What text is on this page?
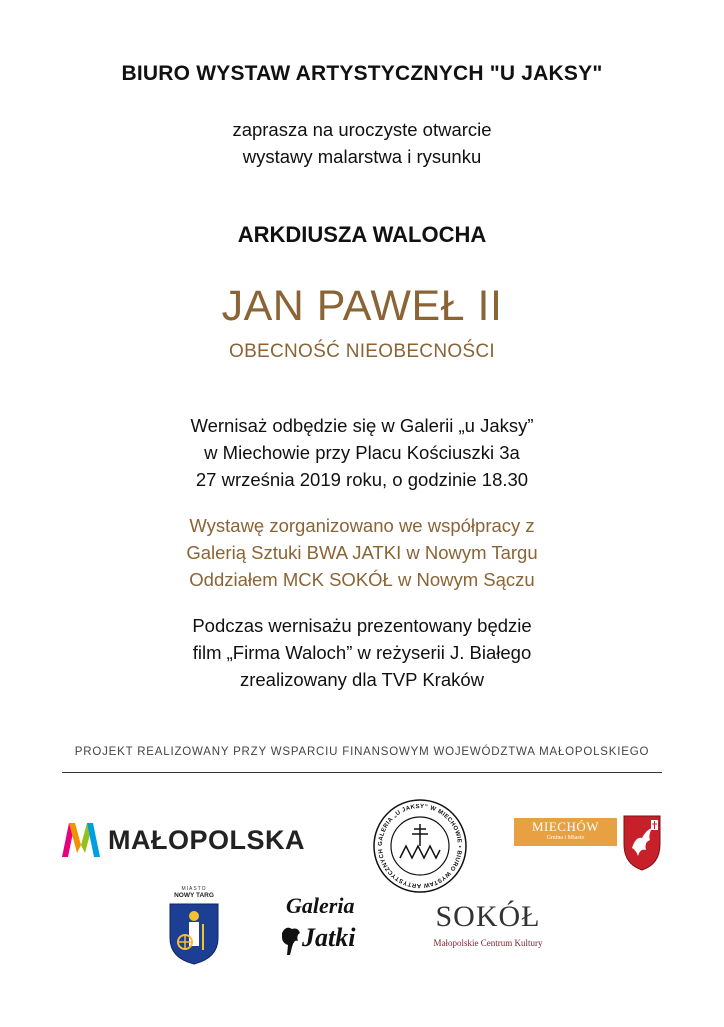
BIURO WYSTAW ARTYSTYCZNYCH "U JAKSY"
zaprasza na uroczyste otwarcie
wystawy malarstwa i rysunku
ARKDIUSZA WALOCHA
JAN PAWEŁ II
OBECNOŚĆ NIEOBECNOŚCI
Wernisaż odbędzie się w Galerii „u Jaksy”
w Miechowie przy Placu Kościuszki 3a
27 września 2019 roku, o godzinie 18.30
Wystawę zorganizowano we współpracy z
Galerią Sztuki BWA JATKI w Nowym Targu
Oddziałem MCK SOKÓŁ w Nowym Sączu
Podczas wernisażu prezentowany będzie
film „Firma Waloch” w reżyserii J. Białego
zrealizowany dla TVP Kraków
PROJEKT REALIZOWANY PRZY WSPARCIU FINANSOWYM WOJEWÓDZTWA MAŁOPOLSKIEGO
MAŁOPOLSKA	GALERIA „U JAKSY” W MIECHOWIE • BIURO WYSTAW ARTYSTYCZNYCH
MIECHÓW
Gmina i Miasto
MIASTO
NOWY TARG	Galeria
Jatki
SOKÓŁ
Małopolskie Centrum Kultury
